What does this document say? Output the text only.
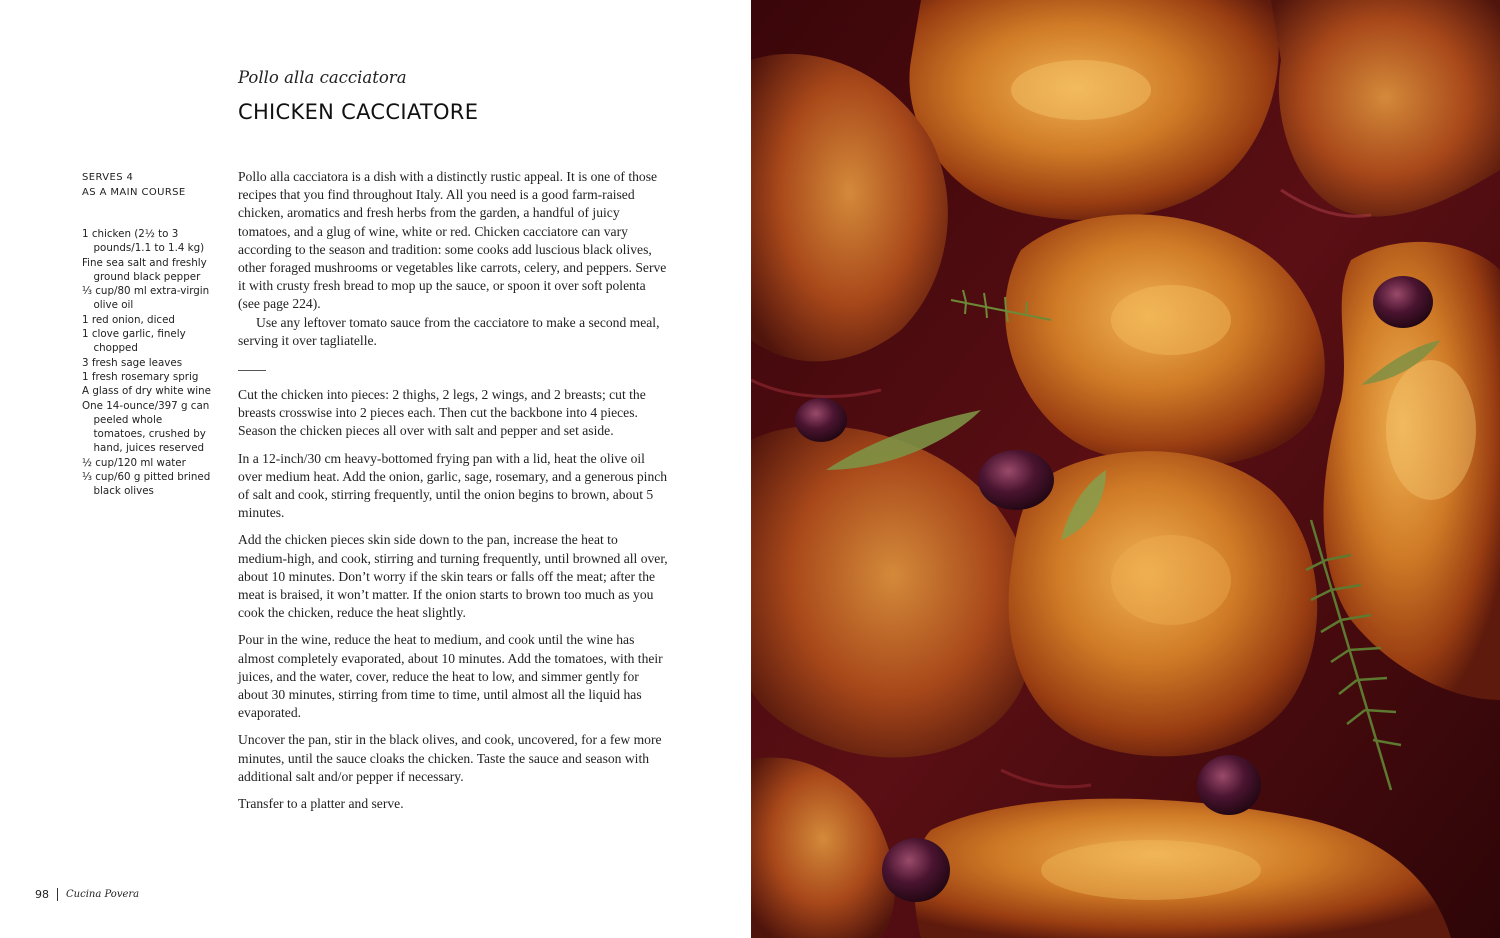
Pollo alla cacciatora

CHICKEN CACCIATORE
SERVES 4
AS A MAIN COURSE
1 chicken (2½ to 3 pounds/1.1 to 1.4 kg)
Fine sea salt and freshly ground black pepper
⅓ cup/80 ml extra-virgin olive oil
1 red onion, diced
1 clove garlic, finely chopped
3 fresh sage leaves
1 fresh rosemary sprig
A glass of dry white wine
One 14-ounce/397 g can peeled whole tomatoes, crushed by hand, juices reserved
½ cup/120 ml water
⅓ cup/60 g pitted brined black olives

Pollo alla cacciatora is a dish with a distinctly rustic appeal. It is one of those recipes that you find throughout Italy. All you need is a good farm-raised chicken, aromatics and fresh herbs from the garden, a handful of juicy tomatoes, and a glug of wine, white or red. Chicken cacciatore can vary according to the season and tradition: some cooks add luscious black olives, other foraged mushrooms or vegetables like carrots, celery, and peppers. Serve it with crusty fresh bread to mop up the sauce, or spoon it over soft polenta (see page 224).

Use any leftover tomato sauce from the cacciatore to make a second meal, serving it over tagliatelle.

Cut the chicken into pieces: 2 thighs, 2 legs, 2 wings, and 2 breasts; cut the breasts crosswise into 2 pieces each. Then cut the backbone into 4 pieces. Season the chicken pieces all over with salt and pepper and set aside.

In a 12-inch/30 cm heavy-bottomed frying pan with a lid, heat the olive oil over medium heat. Add the onion, garlic, sage, rosemary, and a generous pinch of salt and cook, stirring frequently, until the onion begins to brown, about 5 minutes.

Add the chicken pieces skin side down to the pan, increase the heat to medium-high, and cook, stirring and turning frequently, until browned all over, about 10 minutes. Don’t worry if the skin tears or falls off the meat; after the meat is braised, it won’t matter. If the onion starts to brown too much as you cook the chicken, reduce the heat slightly.

Pour in the wine, reduce the heat to medium, and cook until the wine has almost completely evaporated, about 10 minutes. Add the tomatoes, with their juices, and the water, cover, reduce the heat to low, and simmer gently for about 30 minutes, stirring from time to time, until almost all the liquid has evaporated.

Uncover the pan, stir in the black olives, and cook, uncovered, for a few more minutes, until the sauce cloaks the chicken. Taste the sauce and season with additional salt and/or pepper if necessary.

Transfer to a platter and serve.

98 Cucina Povera
